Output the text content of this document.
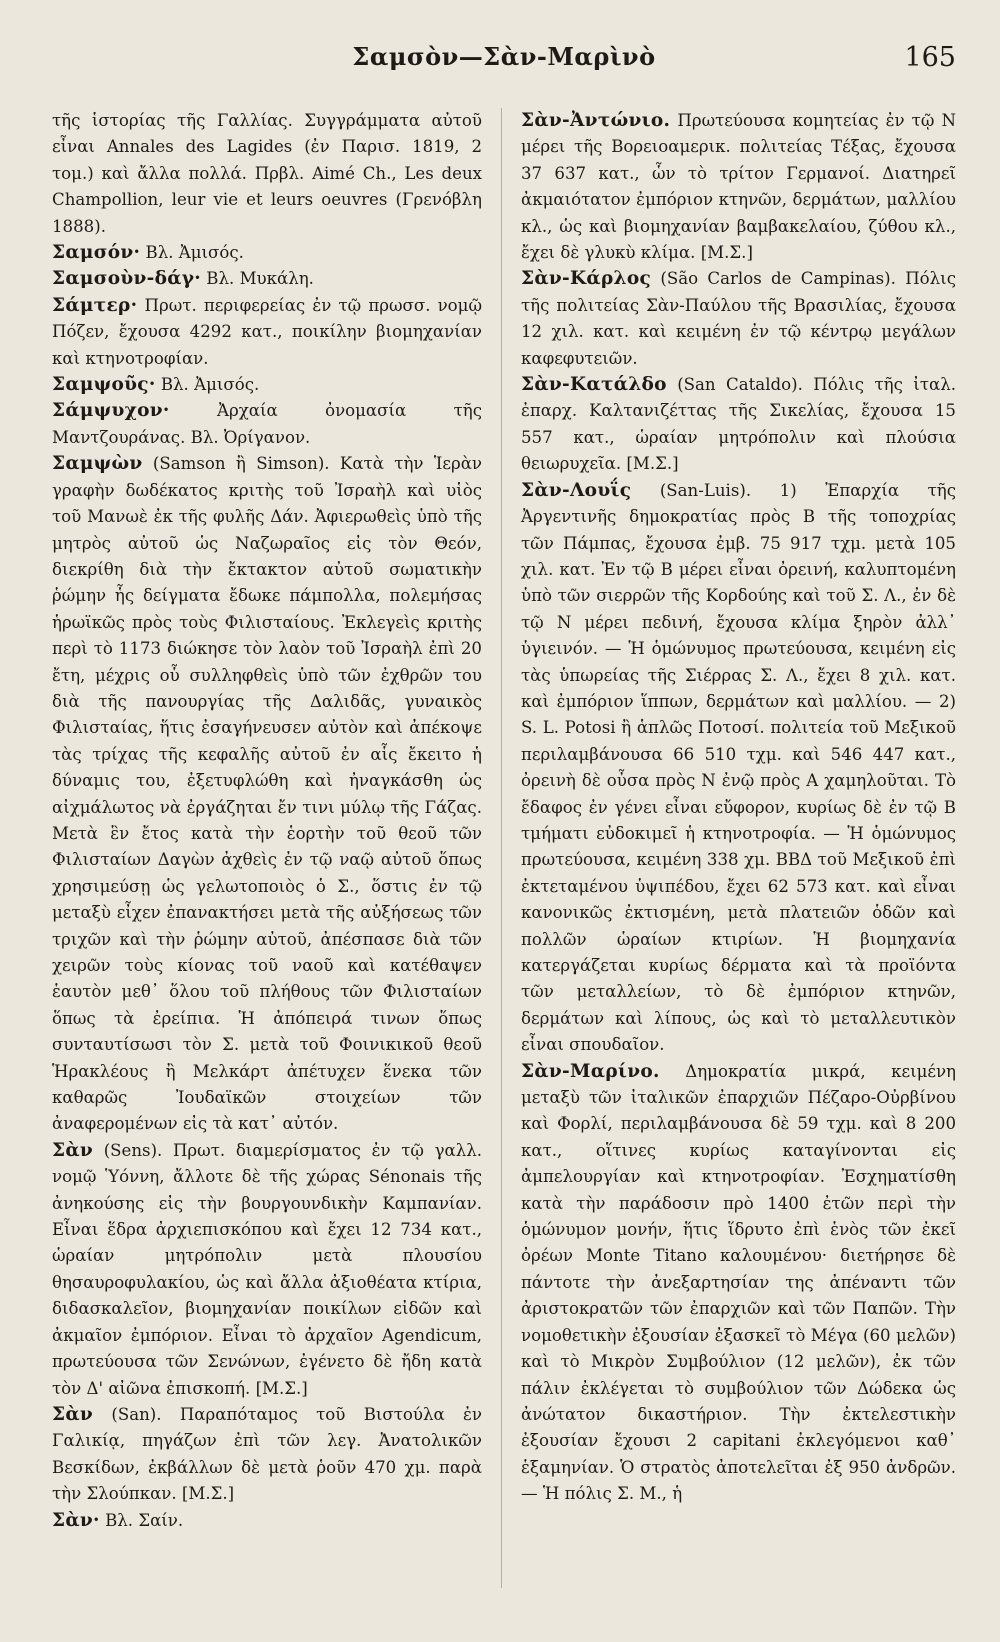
Σαμσὸν—Σὰν-Μαρὶνὸ	165

τῆς ἱστορίας τῆς Γαλλίας. Συγγράμματα αὐτοῦ εἶναι Annales des Lagides (ἐν Παρισ. 1819, 2 τομ.) καὶ ἄλλα πολλά. Πρβλ. Aimé Ch., Les deux Champollion, leur vie et leurs oeuvres (Γρενόβλη 1888).

Σαμσόν· Βλ. Ἀμισός.

Σαμσοὺν-δάγ· Βλ. Μυκάλη.

Σάμτερ· Πρωτ. περιφερείας ἐν τῷ πρωσσ. νομῷ Πόζεν, ἔχουσα 4292 κατ., ποικίλην βιομηχανίαν καὶ κτηνοτροφίαν.

Σαμψοῦς· Βλ. Ἀμισός.

Σάμψυχον· Ἀρχαία ὀνομασία τῆς Μαντζουράνας. Βλ. Ὀρίγανον.

Σαμψὼν (Samson ἢ Simson). Κατὰ τὴν Ἱερὰν γραφὴν δωδέκατος κριτὴς τοῦ Ἰσραὴλ καὶ υἱὸς τοῦ Μανωὲ ἐκ τῆς φυλῆς Δάν. Ἀφιερωθεὶς ὑπὸ τῆς μητρὸς αὐτοῦ ὡς Ναζωραῖος εἰς τὸν Θεόν, διεκρίθη διὰ τὴν ἔκτακτον αὐτοῦ σωματικὴν ῥώμην ἧς δείγματα ἔδωκε πάμπολλα, πολεμήσας ἡρωϊκῶς πρὸς τοὺς Φιλισταίους. Ἐκλεγεὶς κριτὴς περὶ τὸ 1173 διώκησε τὸν λαὸν τοῦ Ἰσραὴλ ἐπὶ 20 ἔτη, μέχρις οὗ συλληφθεὶς ὑπὸ τῶν ἐχθρῶν του διὰ τῆς πανουργίας τῆς Δαλιδᾶς, γυναικὸς Φιλισταίας, ἥτις ἐσαγήνευσεν αὐτὸν καὶ ἀπέκοψε τὰς τρίχας τῆς κεφαλῆς αὐτοῦ ἐν αἷς ἔκειτο ἡ δύναμις του, ἐξετυφλώθη καὶ ἠναγκάσθη ὡς αἰχμάλωτος νὰ ἐργάζηται ἔν τινι μύλῳ τῆς Γάζας. Μετὰ ἓν ἔτος κατὰ τὴν ἑορτὴν τοῦ θεοῦ τῶν Φιλισταίων Δαγὼν ἀχθεὶς ἐν τῷ ναῷ αὐτοῦ ὅπως χρησιμεύσῃ ὡς γελωτοποιὸς ὁ Σ., ὅστις ἐν τῷ μεταξὺ εἶχεν ἐπανακτήσει μετὰ τῆς αὐξήσεως τῶν τριχῶν καὶ τὴν ῥώμην αὐτοῦ, ἀπέσπασε διὰ τῶν χειρῶν τοὺς κίονας τοῦ ναοῦ καὶ κατέθαψεν ἑαυτὸν μεθ᾿ ὅλου τοῦ πλήθους τῶν Φιλισταίων ὅπως τὰ ἐρείπια. Ἡ ἀπόπειρά τινων ὅπως συνταυτίσωσι τὸν Σ. μετὰ τοῦ Φοινικικοῦ θεοῦ Ἡρακλέους ἢ Μελκάρτ ἀπέτυχεν ἕνεκα τῶν καθαρῶς Ἰουδαϊκῶν στοιχείων τῶν ἀναφερομένων εἰς τὰ κατ᾿ αὐτόν.

Σὰν (Sens). Πρωτ. διαμερίσματος ἐν τῷ γαλλ. νομῷ Ὑόννη, ἄλλοτε δὲ τῆς χώρας Sénonais τῆς ἀνηκούσης εἰς τὴν βουργουνδικὴν Καμπανίαν. Εἶναι ἕδρα ἀρχιεπισκόπου καὶ ἔχει 12 734 κατ., ὡραίαν μητρόπολιν μετὰ πλουσίου θησαυροφυλακίου, ὡς καὶ ἄλλα ἀξιοθέατα κτίρια, διδασκαλεῖον, βιομηχανίαν ποικίλων εἰδῶν καὶ ἀκμαῖον ἐμπόριον. Εἶναι τὸ ἀρχαῖον Agendicum, πρωτεύουσα τῶν Σενώνων, ἐγένετο δὲ ἤδη κατὰ τὸν Δ' αἰῶνα ἐπισκοπή. [Μ.Σ.]

Σὰν (San). Παραπόταμος τοῦ Βιστούλα ἐν Γαλικίᾳ, πηγάζων ἐπὶ τῶν λεγ. Ἀνατολικῶν Βεσκίδων, ἐκβάλλων δὲ μετὰ ῥοῦν 470 χμ. παρὰ τὴν Σλούπκαν. [Μ.Σ.]

Σὰν· Βλ. Σαίν.

Σὰν-Ἀντώνιο. Πρωτεύουσα κομητείας ἐν τῷ Ν μέρει τῆς Βορειοαμερικ. πολιτείας Τέξας, ἔχουσα 37 637 κατ., ὧν τὸ τρίτον Γερμανοί. Διατηρεῖ ἀκμαιότατον ἐμπόριον κτηνῶν, δερμάτων, μαλλίου κλ., ὡς καὶ βιομηχανίαν βαμβακελαίου, ζύθου κλ., ἔχει δὲ γλυκὺ κλίμα. [Μ.Σ.]

Σὰν-Κάρλος (São Carlos de Campinas). Πόλις τῆς πολιτείας Σὰν-Παύλου τῆς Βρασιλίας, ἔχουσα 12 χιλ. κατ. καὶ κειμένη ἐν τῷ κέντρῳ μεγάλων καφεφυτειῶν.

Σὰν-Κατάλδο (San Cataldo). Πόλις τῆς ἰταλ. ἐπαρχ. Καλτανιζέττας τῆς Σικελίας, ἔχουσα 15 557 κατ., ὡραίαν μητρόπολιν καὶ πλούσια θειωρυχεῖα. [Μ.Σ.]

Σὰν-Λουΐς (San-Luis). 1) Ἐπαρχία τῆς Ἀργεντινῆς δημοκρατίας πρὸς Β τῆς τοποχρίας τῶν Πάμπας, ἔχουσα ἐμβ. 75 917 τχμ. μετὰ 105 χιλ. κατ. Ἐν τῷ Β μέρει εἶναι ὀρεινή, καλυπτομένη ὑπὸ τῶν σιερρῶν τῆς Κορδούης καὶ τοῦ Σ. Λ., ἐν δὲ τῷ Ν μέρει πεδινή, ἔχουσα κλίμα ξηρὸν ἀλλ᾿ ὑγιεινόν. — Ἡ ὁμώνυμος πρωτεύουσα, κειμένη εἰς τὰς ὑπωρείας τῆς Σιέρρας Σ. Λ., ἔχει 8 χιλ. κατ. καὶ ἐμπόριον ἵππων, δερμάτων καὶ μαλλίου. — 2) S. L. Potosi ἢ ἁπλῶς Ποτοσί. πολιτεία τοῦ Μεξικοῦ περιλαμβάνουσα 66 510 τχμ. καὶ 546 447 κατ., ὀρεινὴ δὲ οὖσα πρὸς Ν ἐνῷ πρὸς Α χαμηλοῦται. Τὸ ἔδαφος ἐν γένει εἶναι εὔφορον, κυρίως δὲ ἐν τῷ Β τμήματι εὐδοκιμεῖ ἡ κτηνοτροφία. — Ἡ ὁμώνυμος πρωτεύουσα, κειμένη 338 χμ. ΒΒΔ τοῦ Μεξικοῦ ἐπὶ ἐκτεταμένου ὑψιπέδου, ἔχει 62 573 κατ. καὶ εἶναι κανονικῶς ἐκτισμένη, μετὰ πλατειῶν ὁδῶν καὶ πολλῶν ὡραίων κτιρίων. Ἡ βιομηχανία κατεργάζεται κυρίως δέρματα καὶ τὰ προϊόντα τῶν μεταλλείων, τὸ δὲ ἐμπόριον κτηνῶν, δερμάτων καὶ λίπους, ὡς καὶ τὸ μεταλλευτικὸν εἶναι σπουδαῖον.

Σὰν-Μαρίνο. Δημοκρατία μικρά, κειμένη μεταξὺ τῶν ἰταλικῶν ἐπαρχιῶν Πέζαρο-Οὐρβίνου καὶ Φορλί, περιλαμβάνουσα δὲ 59 τχμ. καὶ 8 200 κατ., οἵτινες κυρίως καταγίνονται εἰς ἀμπελουργίαν καὶ κτηνοτροφίαν. Ἐσχηματίσθη κατὰ τὴν παράδοσιν πρὸ 1400 ἐτῶν περὶ τὴν ὁμώνυμον μονήν, ἥτις ἵδρυτο ἐπὶ ἑνὸς τῶν ἐκεῖ ὀρέων Monte Titano καλουμένου· διετήρησε δὲ πάντοτε τὴν ἀνεξαρτησίαν της ἀπέναντι τῶν ἀριστοκρατῶν τῶν ἐπαρχιῶν καὶ τῶν Παπῶν. Τὴν νομοθετικὴν ἐξουσίαν ἐξασκεῖ τὸ Μέγα (60 μελῶν) καὶ τὸ Μικρὸν Συμβούλιον (12 μελῶν), ἐκ τῶν πάλιν ἐκλέγεται τὸ συμβούλιον τῶν Δώδεκα ὡς ἀνώτατον δικαστήριον. Τὴν ἐκτελεστικὴν ἐξουσίαν ἔχουσι 2 capitani ἐκλεγόμενοι καθ᾿ ἑξαμηνίαν. Ὁ στρατὸς ἀποτελεῖται ἐξ 950 ἀνδρῶν. — Ἡ πόλις Σ. Μ., ἡ
